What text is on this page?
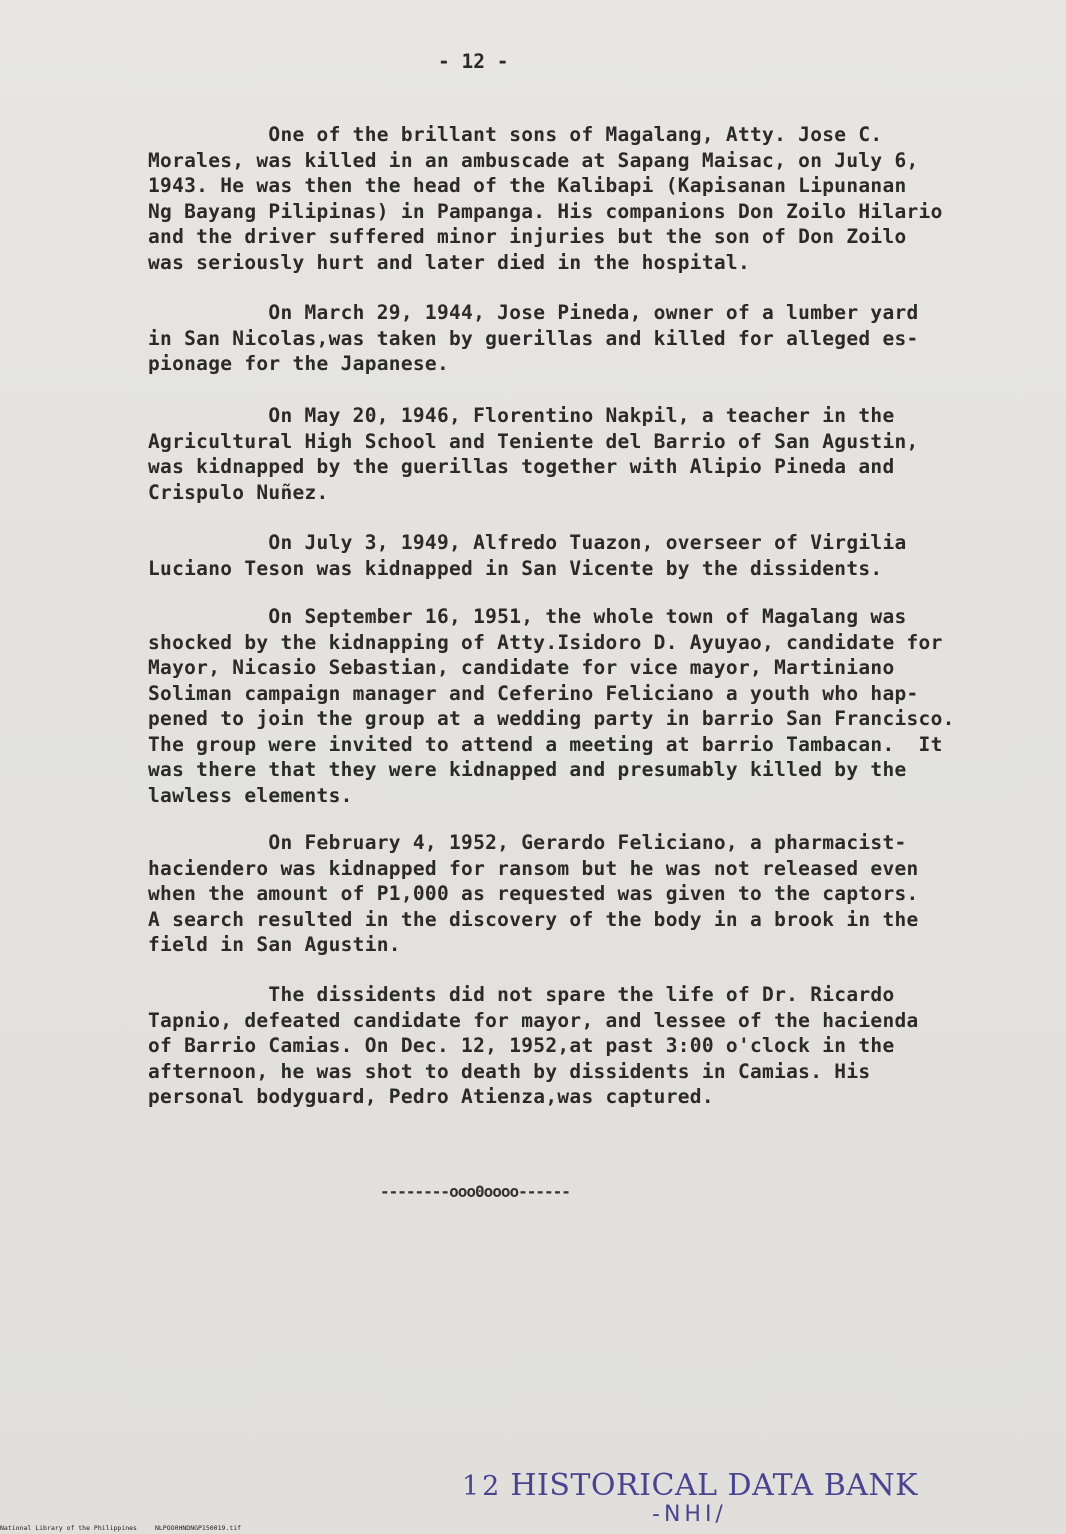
- 12 -
One of the brillant sons of Magalang, Atty. Jose C.
Morales, was killed in an ambuscade at Sapang Maisac, on July 6,
1943. He was then the head of the Kalibapi (Kapisanan Lipunanan
Ng Bayang Pilipinas) in Pampanga. His companions Don Zoilo Hilario
and the driver suffered minor injuries but the son of Don Zoilo
was seriously hurt and later died in the hospital.
On March 29, 1944, Jose Pineda, owner of a lumber yard
in San Nicolas,was taken by guerillas and killed for alleged es-
pionage for the Japanese.
On May 20, 1946, Florentino Nakpil, a teacher in the
Agricultural High School and Teniente del Barrio of San Agustin,
was kidnapped by the guerillas together with Alipio Pineda and
Crispulo Nuñez.
On July 3, 1949, Alfredo Tuazon, overseer of Virgilia
Luciano Teson was kidnapped in San Vicente by the dissidents.
On September 16, 1951, the whole town of Magalang was
shocked by the kidnapping of Atty.Isidoro D. Ayuyao, candidate for
Mayor, Nicasio Sebastian, candidate for vice mayor, Martiniano
Soliman campaign manager and Ceferino Feliciano a youth who hap-
pened to join the group at a wedding party in barrio San Francisco.
The group were invited to attend a meeting at barrio Tambacan.  It
was there that they were kidnapped and presumably killed by the
lawless elements.
On February 4, 1952, Gerardo Feliciano, a pharmacist-
haciendero was kidnapped for ransom but he was not released even
when the amount of P1,000 as requested was given to the captors.
A search resulted in the discovery of the body in a brook in the
field in San Agustin.
The dissidents did not spare the life of Dr. Ricardo
Tapnio, defeated candidate for mayor, and lessee of the hacienda
of Barrio Camias. On Dec. 12, 1952,at past 3:00 o'clock in the
afternoon, he was shot to death by dissidents in Camias. His
personal bodyguard, Pedro Atienza,was captured.
--------ooo0oooo------
12 HISTORICAL DATA BANK
-NHI/
National Library of the Philippines	NLPOO0HNDNGP150019.tif
